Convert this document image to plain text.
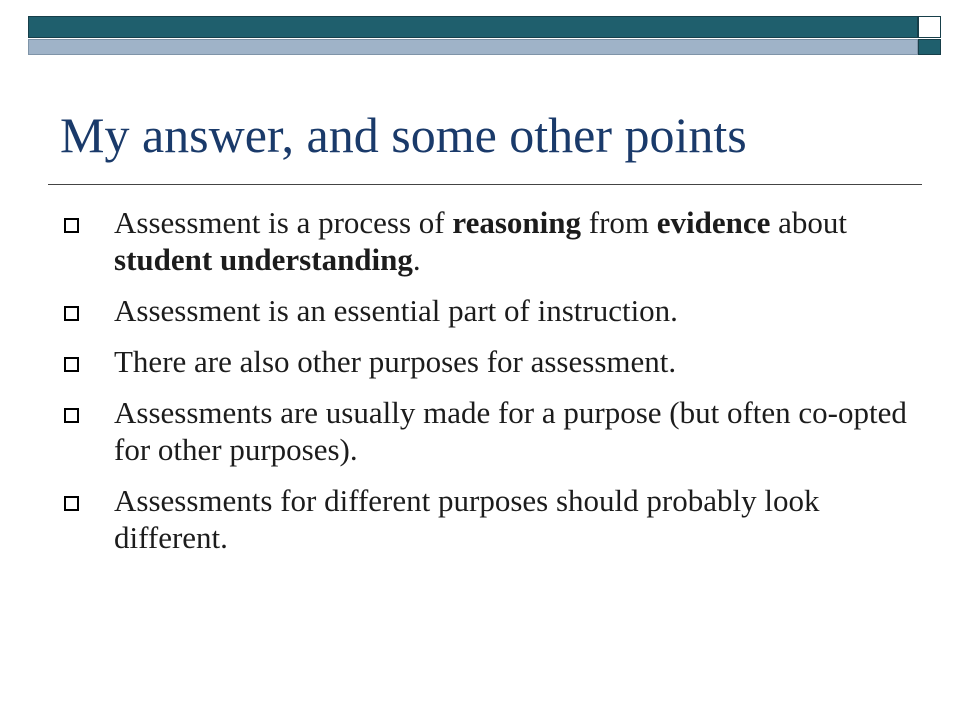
My answer, and some other points
Assessment is a process of reasoning from evidence about student understanding.
Assessment is an essential part of instruction.
There are also other purposes for assessment.
Assessments are usually made for a purpose (but often co-opted for other purposes).
Assessments for different purposes should probably look different.
